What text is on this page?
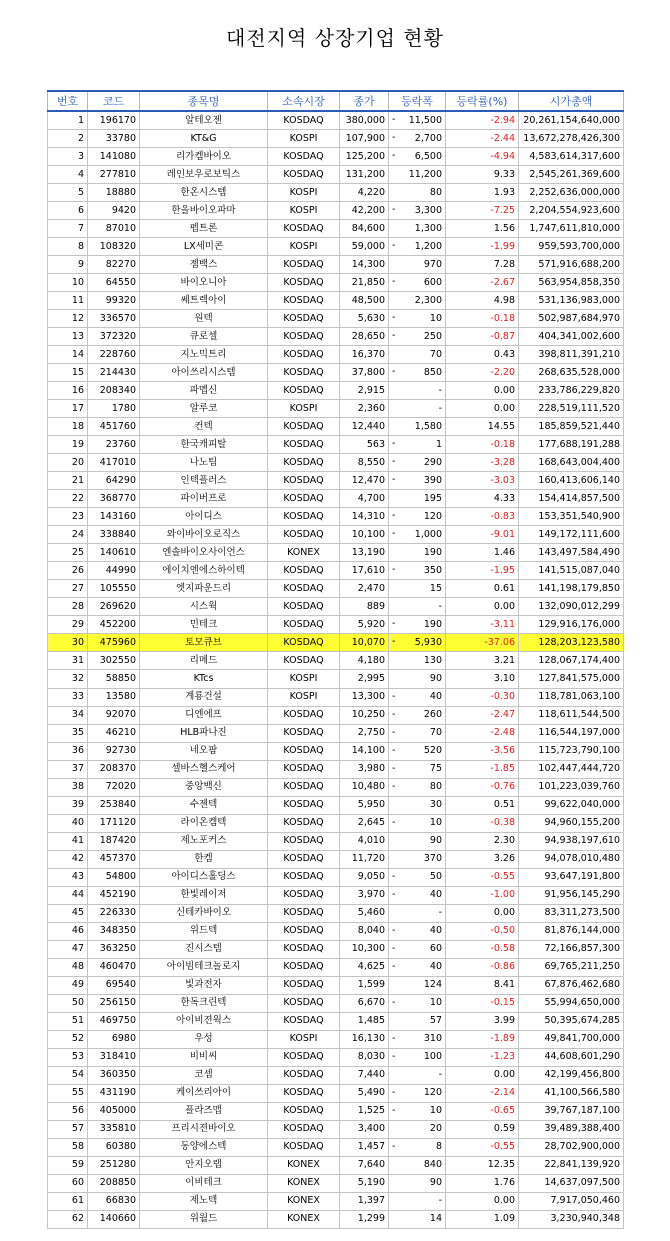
대전지역 상장기업 현황
번호	코드	종목명	소속시장	종가	등락폭	등락률(%)	시가총액
1	196170	알테오젠	KOSDAQ	380,000	- 11,500	-2.94	20,261,154,640,000
2	33780	KT&G	KOSPI	107,900	- 2,700	-2.44	13,672,278,426,300
3	141080	리가켐바이오	KOSDAQ	125,200	- 6,500	-4.94	4,583,614,317,600
4	277810	레인보우로보틱스	KOSDAQ	131,200	11,200	9.33	2,545,261,369,600
5	18880	한온시스템	KOSPI	4,220	80	1.93	2,252,636,000,000
6	9420	한올바이오파마	KOSPI	42,200	- 3,300	-7.25	2,204,554,923,600
7	87010	펩트론	KOSDAQ	84,600	1,300	1.56	1,747,611,810,000
8	108320	LX세미콘	KOSPI	59,000	- 1,200	-1.99	959,593,700,000
9	82270	젬백스	KOSDAQ	14,300	970	7.28	571,916,688,200
10	64550	바이오니아	KOSDAQ	21,850	- 600	-2.67	563,954,858,350
11	99320	쎄트렉아이	KOSDAQ	48,500	2,300	4.98	531,136,983,000
12	336570	원텍	KOSDAQ	5,630	- 10	-0.18	502,987,684,970
13	372320	큐로셀	KOSDAQ	28,650	- 250	-0.87	404,341,002,600
14	228760	지노믹트리	KOSDAQ	16,370	70	0.43	398,811,391,210
15	214430	아이쓰리시스템	KOSDAQ	37,800	- 850	-2.20	268,635,528,000
16	208340	파멥신	KOSDAQ	2,915	-	0.00	233,786,229,820
17	1780	알루코	KOSPI	2,360	-	0.00	228,519,111,520
18	451760	컨텍	KOSDAQ	12,440	1,580	14.55	185,859,521,440
19	23760	한국캐피탈	KOSDAQ	563	- 1	-0.18	177,688,191,288
20	417010	나노팀	KOSDAQ	8,550	- 290	-3.28	168,643,004,400
21	64290	인텍플러스	KOSDAQ	12,470	- 390	-3.03	160,413,606,140
22	368770	파이버프로	KOSDAQ	4,700	195	4.33	154,414,857,500
23	143160	아이디스	KOSDAQ	14,310	- 120	-0.83	153,351,540,900
24	338840	와이바이오로직스	KOSDAQ	10,100	- 1,000	-9.01	149,172,111,600
25	140610	엔솔바이오사이언스	KONEX	13,190	190	1.46	143,497,584,490
26	44990	에이치엔에스하이텍	KOSDAQ	17,610	- 350	-1.95	141,515,087,040
27	105550	엣지파운드리	KOSDAQ	2,470	15	0.61	141,198,179,850
28	269620	시스웍	KOSDAQ	889	-	0.00	132,090,012,299
29	452200	민테크	KOSDAQ	5,920	- 190	-3.11	129,916,176,000
30	475960	토모큐브	KOSDAQ	10,070	- 5,930	-37.06	128,203,123,580
31	302550	리메드	KOSDAQ	4,180	130	3.21	128,067,174,400
32	58850	KTcs	KOSPI	2,995	90	3.10	127,841,575,000
33	13580	계룡건설	KOSPI	13,300	- 40	-0.30	118,781,063,100
34	92070	디엔에프	KOSDAQ	10,250	- 260	-2.47	118,611,544,500
35	46210	HLB파나진	KOSDAQ	2,750	- 70	-2.48	116,544,197,000
36	92730	네오팜	KOSDAQ	14,100	- 520	-3.56	115,723,790,100
37	208370	셀바스헬스케어	KOSDAQ	3,980	- 75	-1.85	102,447,444,720
38	72020	중앙백신	KOSDAQ	10,480	- 80	-0.76	101,223,039,760
39	253840	수젠텍	KOSDAQ	5,950	30	0.51	99,622,040,000
40	171120	라이온켐텍	KOSDAQ	2,645	- 10	-0.38	94,960,155,200
41	187420	제노포커스	KOSDAQ	4,010	90	2.30	94,938,197,610
42	457370	한켐	KOSDAQ	11,720	370	3.26	94,078,010,480
43	54800	아이디스홀딩스	KOSDAQ	9,050	- 50	-0.55	93,647,191,800
44	452190	한빛레이저	KOSDAQ	3,970	- 40	-1.00	91,956,145,290
45	226330	신테카바이오	KOSDAQ	5,460	-	0.00	83,311,273,500
46	348350	위드텍	KOSDAQ	8,040	- 40	-0.50	81,876,144,000
47	363250	진시스템	KOSDAQ	10,300	- 60	-0.58	72,166,857,300
48	460470	아이빔테크놀로지	KOSDAQ	4,625	- 40	-0.86	69,765,211,250
49	69540	빛과전자	KOSDAQ	1,599	124	8.41	67,876,462,680
50	256150	한독크린텍	KOSDAQ	6,670	- 10	-0.15	55,994,650,000
51	469750	아이비젼웍스	KOSDAQ	1,485	57	3.99	50,395,674,285
52	6980	우성	KOSPI	16,130	- 310	-1.89	49,841,700,000
53	318410	비비씨	KOSDAQ	8,030	- 100	-1.23	44,608,601,290
54	360350	코셈	KOSDAQ	7,440	-	0.00	42,199,456,800
55	431190	케이쓰리아이	KOSDAQ	5,490	- 120	-2.14	41,100,566,580
56	405000	플라즈맵	KOSDAQ	1,525	- 10	-0.65	39,767,187,100
57	335810	프리시젼바이오	KOSDAQ	3,400	20	0.59	39,489,388,400
58	60380	동양에스텍	KOSDAQ	1,457	- 8	-0.55	28,702,900,000
59	251280	안지오랩	KONEX	7,640	840	12.35	22,841,139,920
60	208850	이비테크	KONEX	5,190	90	1.76	14,637,097,500
61	66830	제노텍	KONEX	1,397	-	0.00	7,917,050,460
62	140660	위월드	KONEX	1,299	14	1.09	3,230,940,348
